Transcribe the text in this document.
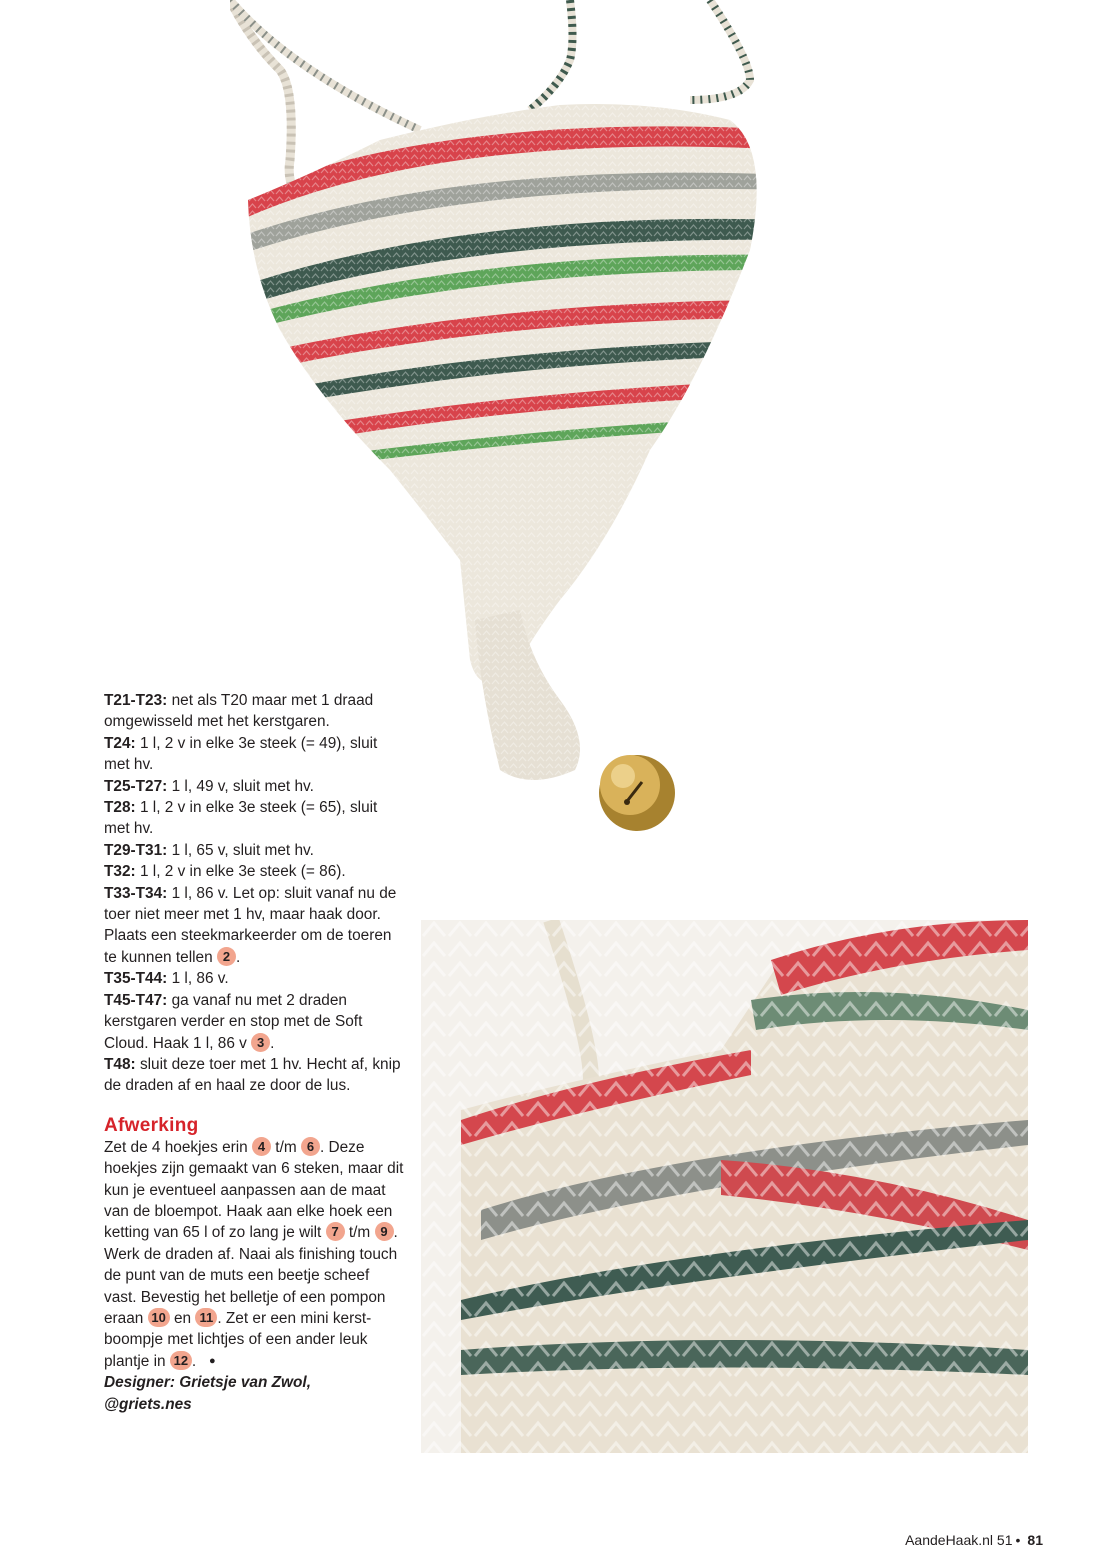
T21-T23: net als T20 maar met 1 draad omgewisseld met het kerstgaren.

T24: 1 l, 2 v in elke 3e steek (= 49), sluit met hv.

T25-T27: 1 l, 49 v, sluit met hv.

T28: 1 l, 2 v in elke 3e steek (= 65), sluit met hv.

T29-T31: 1 l, 65 v, sluit met hv.

T32: 1 l, 2 v in elke 3e steek (= 86).

T33-T34: 1 l, 86 v. Let op: sluit vanaf nu de toer niet meer met 1 hv, maar haak door. Plaats een steekmarkeerder om de toeren te kunnen tellen 2 .

T35-T44: 1 l, 86 v.

T45-T47: ga vanaf nu met 2 draden kerstgaren verder en stop met de Soft Cloud. Haak 1 l, 86 v 3 .

T48: sluit deze toer met 1 hv. Hecht af, knip de draden af en haal ze door de lus.

Afwerking

Zet de 4 hoekjes erin 4 t/m 6 . Deze hoekjes zijn gemaakt van 6 steken, maar dit kun je eventueel aanpassen aan de maat van de bloempot. Haak aan elke hoek een ketting van 65 l of zo lang je wilt 7 t/m 9 . Werk de draden af. Naai als finishing touch de punt van de muts een beetje scheef vast. Bevestig het belletje of een pompon eraan 10 en 11 . Zet er een mini kerst-boompje met lichtjes of een ander leuk plantje in 12 . ●

Designer: Grietsje van Zwol,
@griets.nes

AandeHaak.nl 51 • 81
